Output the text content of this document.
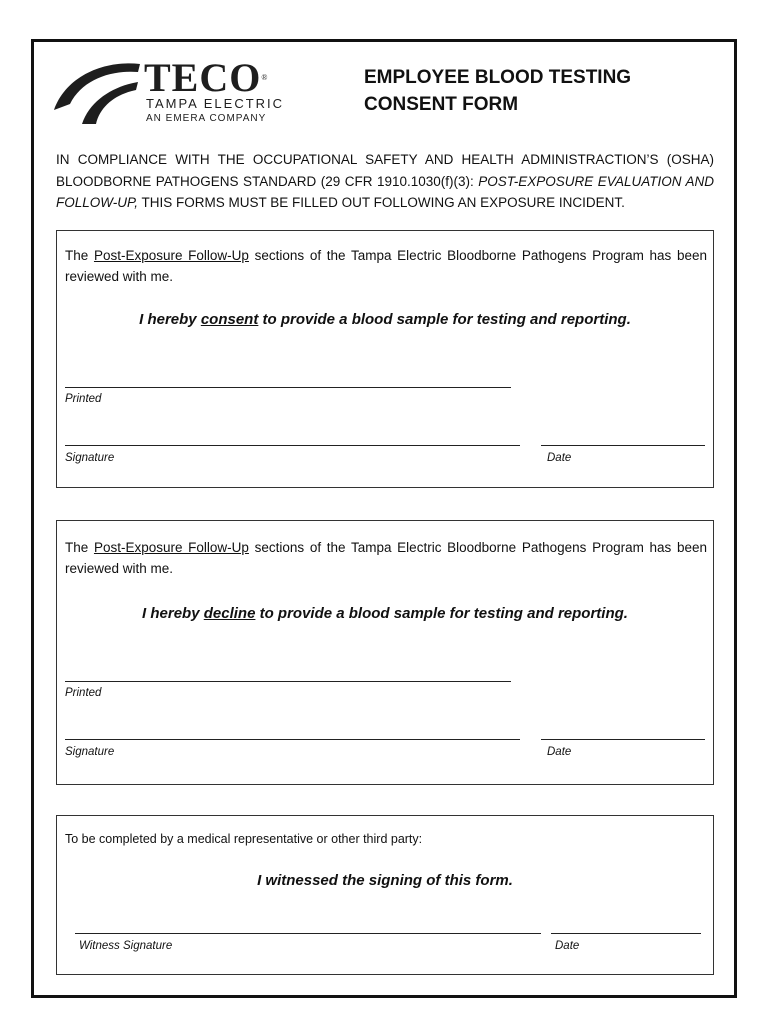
TECO®
TAMPA ELECTRIC
AN EMERA COMPANY
EMPLOYEE BLOOD TESTING
CONSENT FORM
IN COMPLIANCE WITH THE OCCUPATIONAL SAFETY AND HEALTH ADMINISTRACTION’S (OSHA) BLOODBORNE PATHOGENS STANDARD (29 CFR 1910.1030(f)(3): POST-EXPOSURE EVALUATION AND FOLLOW-UP, THIS FORMS MUST BE FILLED OUT FOLLOWING AN EXPOSURE INCIDENT.
The Post-Exposure Follow-Up sections of the Tampa Electric Bloodborne Pathogens Program has been reviewed with me.
I hereby consent to provide a blood sample for testing and reporting.
Printed
Signature	Date
The Post-Exposure Follow-Up sections of the Tampa Electric Bloodborne Pathogens Program has been reviewed with me.
I hereby decline to provide a blood sample for testing and reporting.
Printed
Signature	Date
To be completed by a medical representative or other third party:
I witnessed the signing of this form.
Witness Signature	Date
